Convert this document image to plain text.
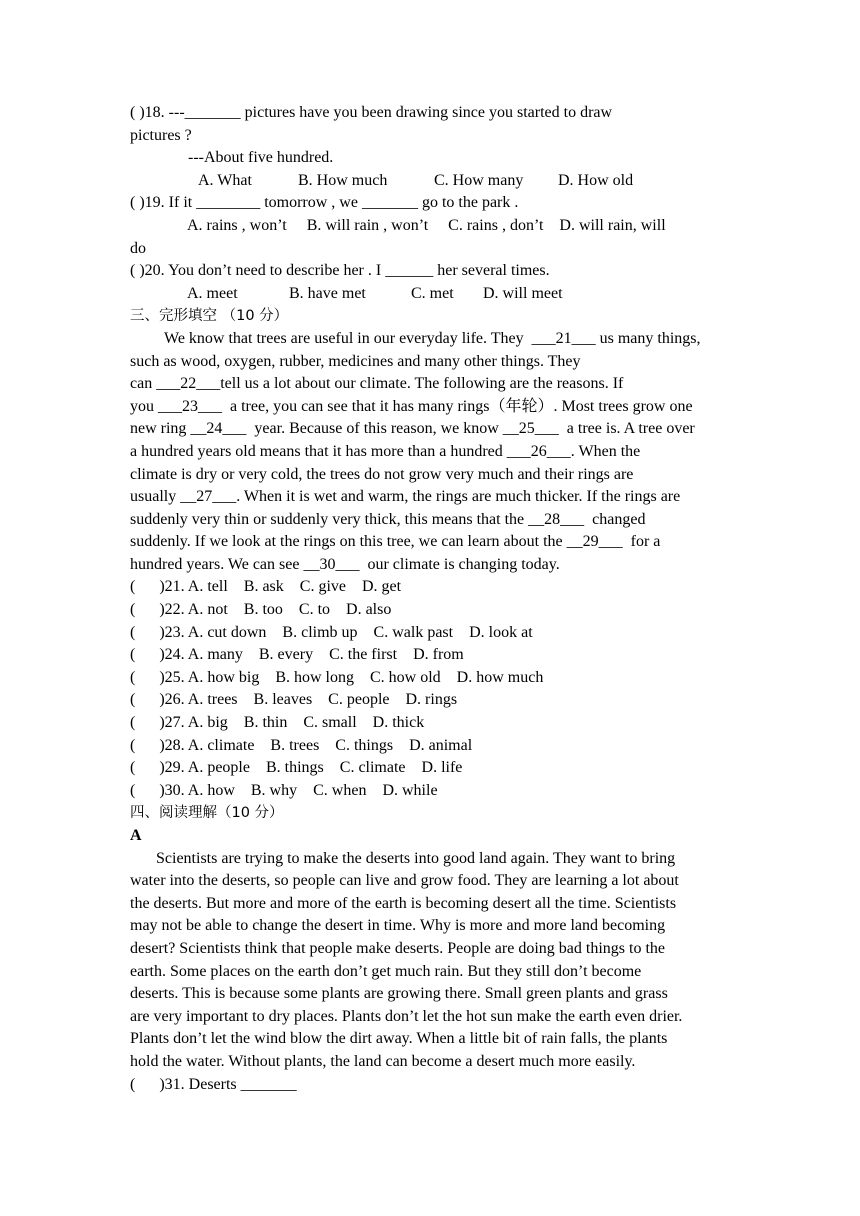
( )18. ---_______ pictures have you been drawing since you started to draw
pictures ?
---About five hundred.
A. What	B. How much	C. How many D. How old
( )19. If it ________ tomorrow , we _______ go to the park .
A. rains , won’t     B. will rain , won’t     C. rains , don’t    D. will rain, will
do
( )20. You don’t need to describe her . I ______ her several times.
A. meet	B. have met	C. met D. will meet
三、完形填空 （10 分）
We know that trees are useful in our everyday life. They  ___21___ us many things,
such as wood, oxygen, rubber, medicines and many other things. They
can ___22___tell us a lot about our climate. The following are the reasons. If
you ___23___  a tree, you can see that it has many rings（年轮）. Most trees grow one
new ring __24___  year. Because of this reason, we know __25___  a tree is. A tree over
a hundred years old means that it has more than a hundred ___26___. When the
climate is dry or very cold, the trees do not grow very much and their rings are
usually __27___. When it is wet and warm, the rings are much thicker. If the rings are
suddenly very thin or suddenly very thick, this means that the __28___  changed
suddenly. If we look at the rings on this tree, we can learn about the __29___  for a
hundred years. We can see __30___  our climate is changing today.
(      )21. A. tell    B. ask    C. give    D. get
(      )22. A. not    B. too    C. to    D. also
(      )23. A. cut down    B. climb up    C. walk past    D. look at
(      )24. A. many    B. every    C. the first    D. from
(      )25. A. how big    B. how long    C. how old    D. how much
(      )26. A. trees    B. leaves    C. people    D. rings
(      )27. A. big    B. thin    C. small    D. thick
(      )28. A. climate    B. trees    C. things    D. animal
(      )29. A. people    B. things    C. climate    D. life
(      )30. A. how    B. why    C. when    D. while
四、阅读理解（10 分）
A
Scientists are trying to make the deserts into good land again. They want to bring
water into the deserts, so people can live and grow food. They are learning a lot about
the deserts. But more and more of the earth is becoming desert all the time. Scientists
may not be able to change the desert in time. Why is more and more land becoming
desert? Scientists think that people make deserts. People are doing bad things to the
earth. Some places on the earth don’t get much rain. But they still don’t become
deserts. This is because some plants are growing there. Small green plants and grass
are very important to dry places. Plants don’t let the hot sun make the earth even drier.
Plants don’t let the wind blow the dirt away. When a little bit of rain falls, the plants
hold the water. Without plants, the land can become a desert much more easily.
(      )31. Deserts _______
